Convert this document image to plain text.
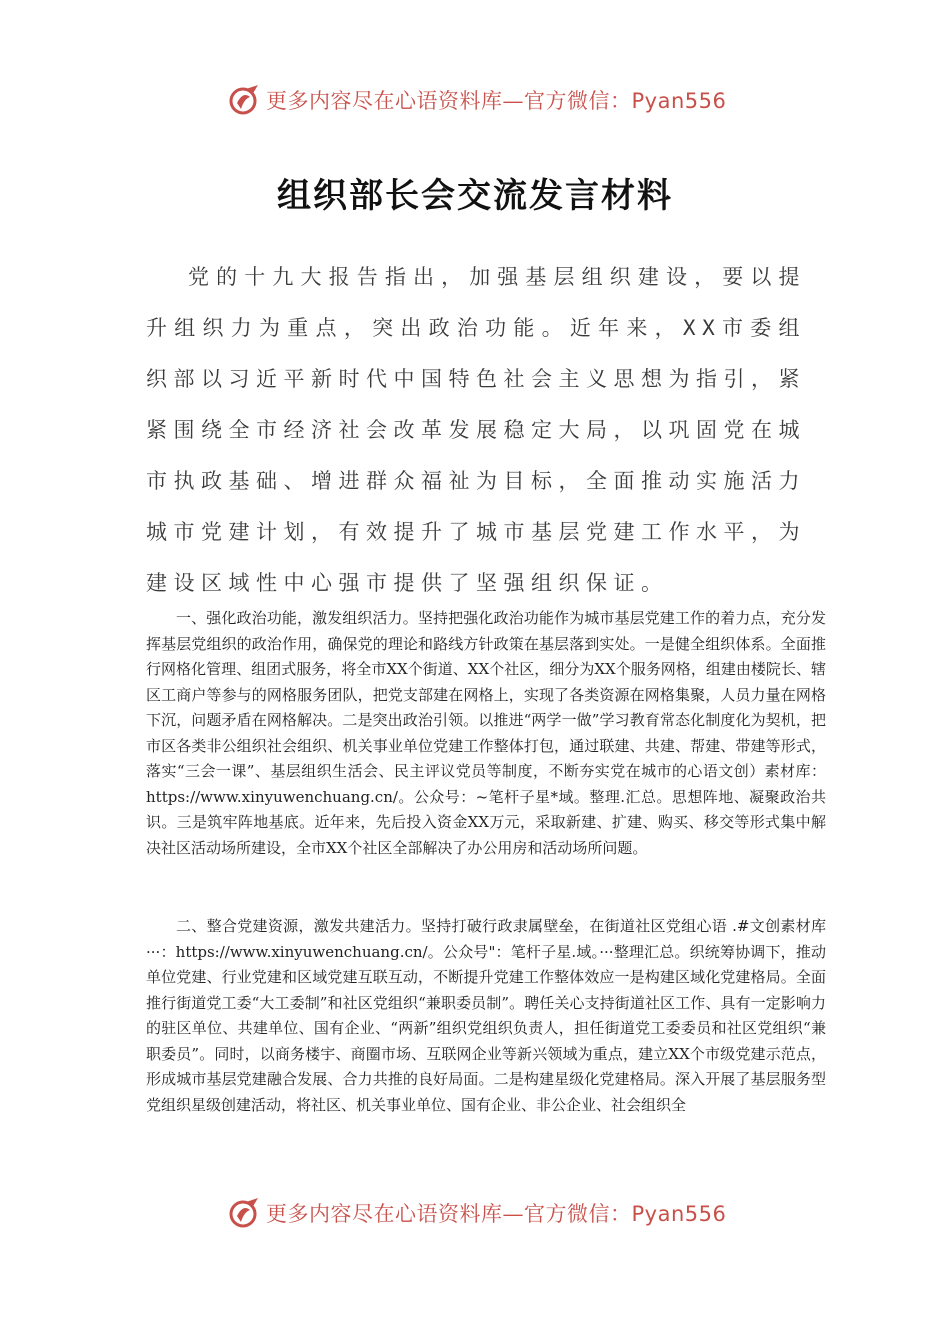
更多内容尽在心语资料库—官方微信：Pyan556
组织部长会交流发言材料

党的十九大报告指出，加强基层组织建设，要以提升组织力为重点，突出政治功能。近年来，XX市委组织部以习近平新时代中国特色社会主义思想为指引，紧紧围绕全市经济社会改革发展稳定大局，以巩固党在城市执政基础、增进群众福祉为目标，全面推动实施活力城市党建计划，有效提升了城市基层党建工作水平，为建设区域性中心强市提供了坚强组织保证。

一、强化政治功能，激发组织活力。坚持把强化政治功能作为城市基层党建工作的着力点，充分发挥基层党组织的政治作用，确保党的理论和路线方针政策在基层落到实处。一是健全组织体系。全面推行网格化管理、组团式服务，将全市XX个街道、XX个社区，细分为XX个服务网格，组建由楼院长、辖区工商户等参与的网格服务团队，把党支部建在网格上，实现了各类资源在网格集聚，人员力量在网格下沉，问题矛盾在网格解决。二是突出政治引领。以推进“两学一做”学习教育常态化制度化为契机，把市区各类非公组织社会组织、机关事业单位党建工作整体打包，通过联建、共建、帮建、带建等形式，落实“三会一课”、基层组织生活会、民主评议党员等制度，不断夯实党在城市的心语文创）素材库：https://www.xinyuwenchuang.cn/。公众号：~笔杆子星*域。整理.汇总。思想阵地、凝聚政治共识。三是筑牢阵地基底。近年来，先后投入资金XX万元，采取新建、扩建、购买、移交等形式集中解决社区活动场所建设，全市XX个社区全部解决了办公用房和活动场所问题。

二、整合党建资源，激发共建活力。坚持打破行政隶属壁垒，在街道社区党组心语 .#文创素材库···：https://www.xinyuwenchuang.cn/。公众号"：笔杆子星.域。···整理汇总。织统筹协调下，推动单位党建、行业党建和区域党建互联互动，不断提升党建工作整体效应一是构建区域化党建格局。全面推行街道党工委“大工委制”和社区党组织“兼职委员制”。聘任关心支持街道社区工作、具有一定影响力的驻区单位、共建单位、国有企业、“两新”组织党组织负责人，担任街道党工委委员和社区党组织“兼职委员”。同时，以商务楼宇、商圈市场、互联网企业等新兴领域为重点，建立XX个市级党建示范点，形成城市基层党建融合发展、合力共推的良好局面。二是构建星级化党建格局。深入开展了基层服务型党组织星级创建活动，将社区、机关事业单位、国有企业、非公企业、社会组织全

更多内容尽在心语资料库—官方微信：Pyan556
